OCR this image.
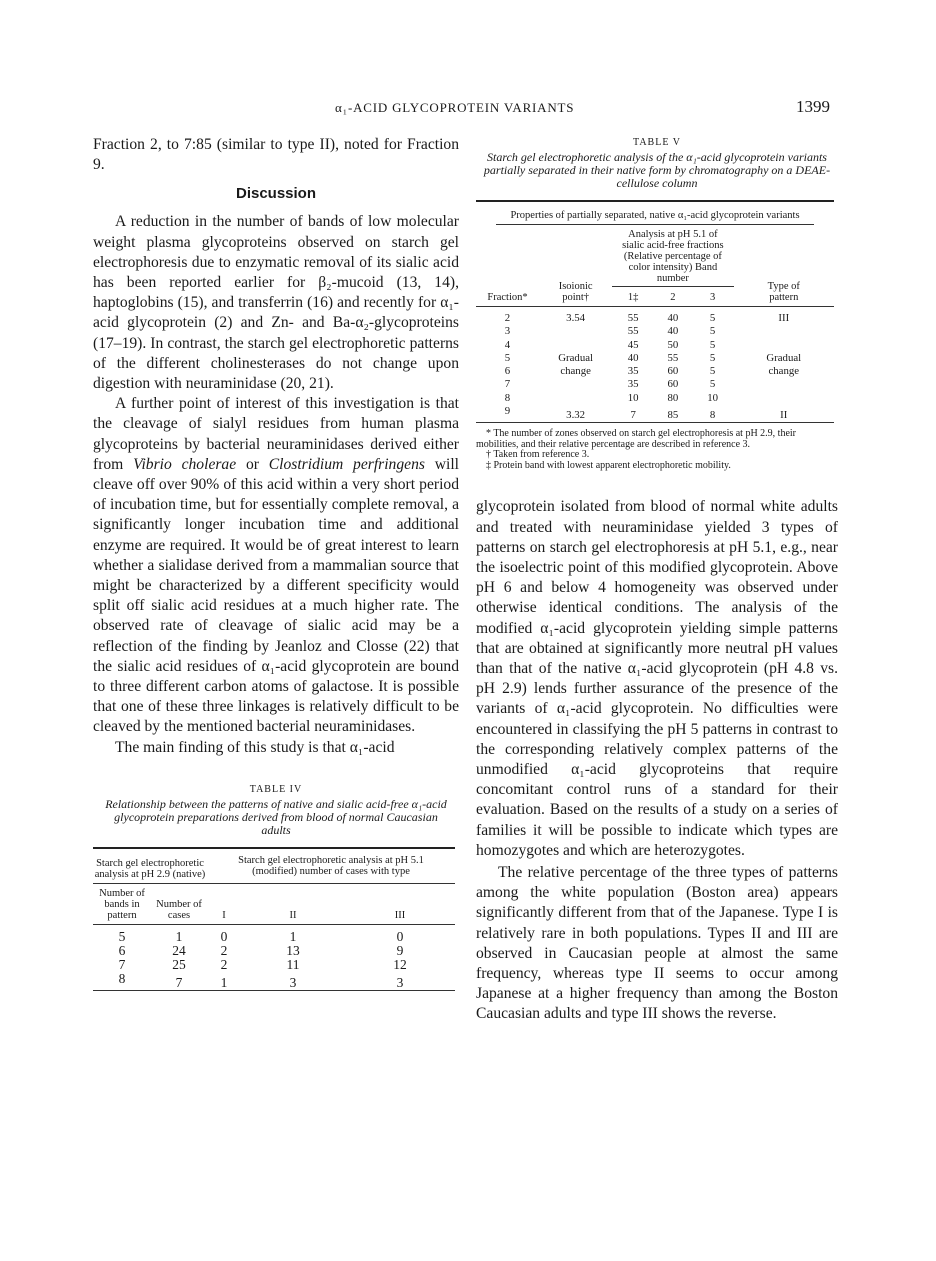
α₁-ACID GLYCOPROTEIN VARIANTS	1399

Fraction 2, to 7:85 (similar to type II), noted for Fraction 9.

Discussion

A reduction in the number of bands of low molecular weight plasma glycoproteins observed on starch gel electrophoresis due to enzymatic removal of its sialic acid has been reported earlier for β₂-mucoid (13, 14), haptoglobins (15), and transferrin (16) and recently for α₁-acid glycoprotein (2) and Zn- and Ba-α₂-glycoproteins (17–19). In contrast, the starch gel electrophoretic patterns of the different cholinesterases do not change upon digestion with neuraminidase (20, 21).

A further point of interest of this investigation is that the cleavage of sialyl residues from human plasma glycoproteins by bacterial neuraminidases derived either from Vibrio cholerae or Clostridium perfringens will cleave off over 90% of this acid within a very short period of incubation time, but for essentially complete removal, a significantly longer incubation time and additional enzyme are required. It would be of great interest to learn whether a sialidase derived from a mammalian source that might be characterized by a different specificity would split off sialic acid residues at a much higher rate. The observed rate of cleavage of sialic acid may be a reflection of the finding by Jeanloz and Closse (22) that the sialic acid residues of α₁-acid glycoprotein are bound to three different carbon atoms of galactose. It is possible that one of these three linkages is relatively difficult to be cleaved by the mentioned bacterial neuraminidases.

The main finding of this study is that α₁-acid

TABLE IV

Relationship between the patterns of native and sialic acid-free α₁-acid glycoprotein preparations derived from blood of normal Caucasian adults

Starch gel electrophoretic analysis at pH 2.9 (native)		Starch gel electrophoretic analysis at pH 5.1 (modified) number of cases with type		
Number of bands in pattern	Number of cases	I	II	III
5	1	0	1	0
6	24	2	13	9
7	25	2	11	12
8	7	1	3	3

TABLE V

Starch gel electrophoretic analysis of the α₁-acid glycoprotein variants partially separated in their native form by chromatography on a DEAE-cellulose column

Properties of partially separated, native α₁-acid glycoprotein variants					

Fraction*	Isoionic point†	Analysis at pH 5.1 of sialic acid-free fractions (Relative percentage of color intensity) Band number			Type of pattern
		1‡	2	3	
2	3.54	55	40	5	III
3		55	40	5	
4		45	50	5	
5	Gradual	40	55	5	Gradual
6	change	35	60	5	change
7		35	60	5	
8		10	80	10	
9	3.32	7	85	8	II
* The number of zones observed on starch gel electrophoresis at pH 2.9, their mobilities, and their relative percentage are described in reference 3.
† Taken from reference 3.
‡ Protein band with lowest apparent electrophoretic mobility.

glycoprotein isolated from blood of normal white adults and treated with neuraminidase yielded 3 types of patterns on starch gel electrophoresis at pH 5.1, e.g., near the isoelectric point of this modified glycoprotein. Above pH 6 and below 4 homogeneity was observed under otherwise identical conditions. The analysis of the modified α₁-acid glycoprotein yielding simple patterns that are obtained at significantly more neutral pH values than that of the native α₁-acid glycoprotein (pH 4.8 vs. pH 2.9) lends further assurance of the presence of the variants of α₁-acid glycoprotein. No difficulties were encountered in classifying the pH 5 patterns in contrast to the corresponding relatively complex patterns of the unmodified α₁-acid glycoproteins that require concomitant control runs of a standard for their evaluation. Based on the results of a study on a series of families it will be possible to indicate which types are homozygotes and which are heterozygotes.

The relative percentage of the three types of patterns among the white population (Boston area) appears significantly different from that of the Japanese. Type I is relatively rare in both populations. Types II and III are observed in Caucasian people at almost the same frequency, whereas type II seems to occur among Japanese at a higher frequency than among the Boston Caucasian adults and type III shows the reverse.
